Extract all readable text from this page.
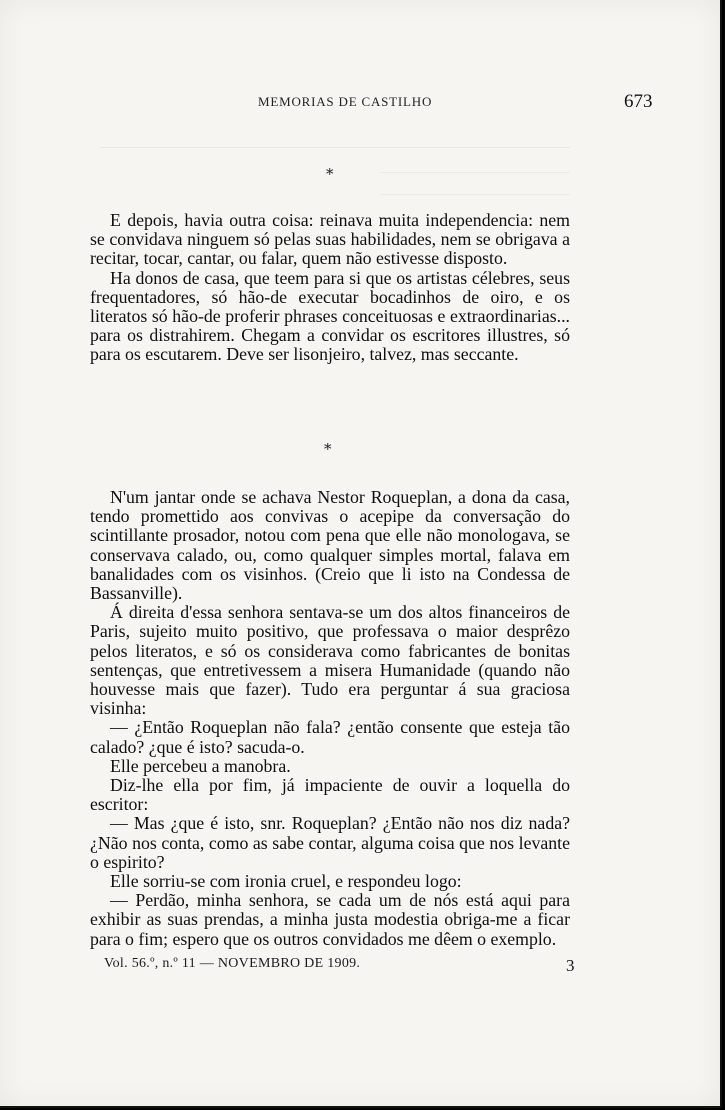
MEMORIAS DE CASTILHO	673
*

E depois, havia outra coisa: reinava muita independencia: nem se convidava ninguem só pelas suas habilidades, nem se obrigava a recitar, tocar, cantar, ou falar, quem não estivesse disposto.

Ha donos de casa, que teem para si que os artistas célebres, seus frequentadores, só hão-de executar bocadinhos de oiro, e os literatos só hão-de proferir phrases conceituosas e extraordinarias... para os distrahirem. Chegam a convidar os escritores illustres, só para os escutarem. Deve ser lisonjeiro, talvez, mas seccante.

*

N'um jantar onde se achava Nestor Roqueplan, a dona da casa, tendo promettido aos convivas o acepipe da conversação do scintillante prosador, notou com pena que elle não monologava, se conservava calado, ou, como qualquer simples mortal, falava em banalidades com os visinhos. (Creio que li isto na Condessa de Bassanville).

Á direita d'essa senhora sentava-se um dos altos financeiros de Paris, sujeito muito positivo, que professava o maior desprêzo pelos literatos, e só os considerava como fabricantes de bonitas sentenças, que entretivessem a misera Humanidade (quando não houvesse mais que fazer). Tudo era perguntar á sua graciosa visinha:

— ¿Então Roqueplan não fala? ¿então consente que esteja tão calado? ¿que é isto? sacuda-o.

Elle percebeu a manobra.

Diz-lhe ella por fim, já impaciente de ouvir a loquella do escritor:

— Mas ¿que é isto, snr. Roqueplan? ¿Então não nos diz nada? ¿Não nos conta, como as sabe contar, alguma coisa que nos levante o espirito?

Elle sorriu-se com ironia cruel, e respondeu logo:

— Perdão, minha senhora, se cada um de nós está aqui para exhibir as suas prendas, a minha justa modestia obriga-me a ficar para o fim; espero que os outros convidados me dêem o exemplo.

Vol. 56.º, n.º 11 — NOVEMBRO DE 1909.	3
